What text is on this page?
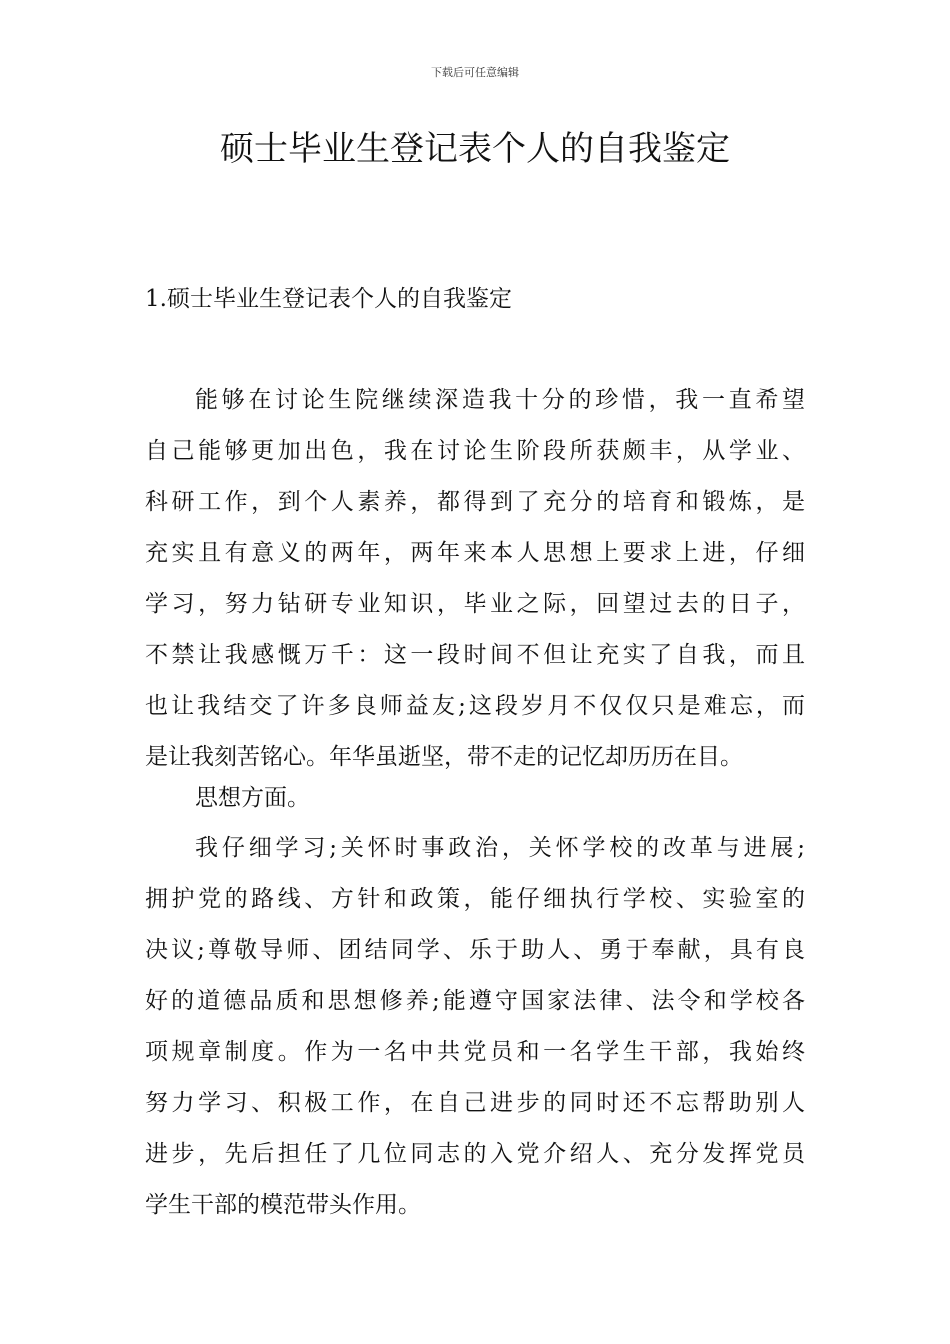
下载后可任意编辑
硕士毕业生登记表个人的自我鉴定
1.硕士毕业生登记表个人的自我鉴定
能够在讨论生院继续深造我十分的珍惜，我一直希望
自己能够更加出色，我在讨论生阶段所获颇丰，从学业、
科研工作，到个人素养，都得到了充分的培育和锻炼，是
充实且有意义的两年，两年来本人思想上要求上进，仔细
学习，努力钻研专业知识，毕业之际，回望过去的日子，
不禁让我感慨万千：这一段时间不但让充实了自我，而且
也让我结交了许多良师益友;这段岁月不仅仅只是难忘，而
是让我刻苦铭心。年华虽逝坚，带不走的记忆却历历在目。
思想方面。
我仔细学习;关怀时事政治，关怀学校的改革与进展;
拥护党的路线、方针和政策，能仔细执行学校、实验室的
决议;尊敬导师、团结同学、乐于助人、勇于奉献，具有良
好的道德品质和思想修养;能遵守国家法律、法令和学校各
项规章制度。作为一名中共党员和一名学生干部，我始终
努力学习、积极工作，在自己进步的同时还不忘帮助别人
进步，先后担任了几位同志的入党介绍人、充分发挥党员
学生干部的模范带头作用。
